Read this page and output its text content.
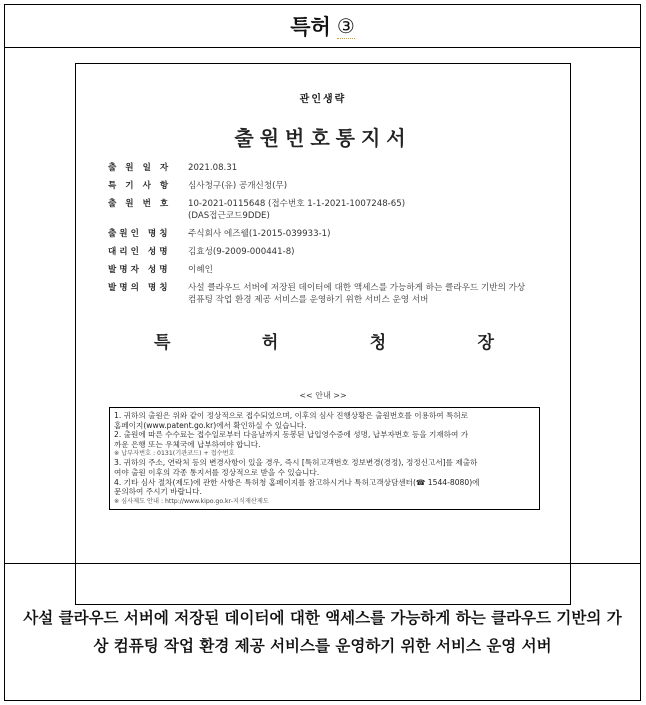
특허 ③
관인생략
출원번호통지서
출 원 일 자	2021.08.31
특 기 사 항	심사청구(유) 공개신청(무)
출 원 번 호	10-2021-0115648 (접수번호 1-1-2021-1007248-65)
(DAS접근코드9DDE)
출원인 명칭	주식회사 에즈웰(1-2015-039933-1)
대리인 성명	김효성(9-2009-000441-8)
발명자 성명	이혜인
발명의 명칭	사설 클라우드 서버에 저장된 데이터에 대한 액세스를 가능하게 하는 클라우드 기반의 가상
컴퓨팅 작업 환경 제공 서비스를 운영하기 위한 서비스 운영 서버
특	허	청	장
<< 안내 >>
1. 귀하의 출원은 위와 같이 정상적으로 접수되었으며, 이후의 심사 진행상황은 출원번호를 이용하여 특허로
홈페이지(www.patent.go.kr)에서 확인하실 수 있습니다.
2. 출원에 따른 수수료는 접수일로부터 다음날까지 동봉된 납입영수증에 성명, 납부자번호 등을 기재하여 가
까운 은행 또는 우체국에 납부하여야 합니다.
※ 납부자번호 : 0131(기관코드) + 접수번호
3. 귀하의 주소, 연락처 등의 변경사항이 있을 경우, 즉시 [특허고객번호 정보변경(경정), 정정신고서]를 제출하
여야 출원 이후의 각종 통지서를 정상적으로 받을 수 있습니다.
4. 기타 심사 절차(제도)에 관한 사항은 특허청 홈페이지를 참고하시거나 특허고객상담센터(☎ 1544-8080)에
문의하여 주시기 바랍니다.
※ 심사제도 안내 : http://www.kipo.go.kr-지식재산제도
사설 클라우드 서버에 저장된 데이터에 대한 액세스를 가능하게 하는 클라우드 기반의 가상 컴퓨팅 작업 환경 제공 서비스를 운영하기 위한 서비스 운영 서버
